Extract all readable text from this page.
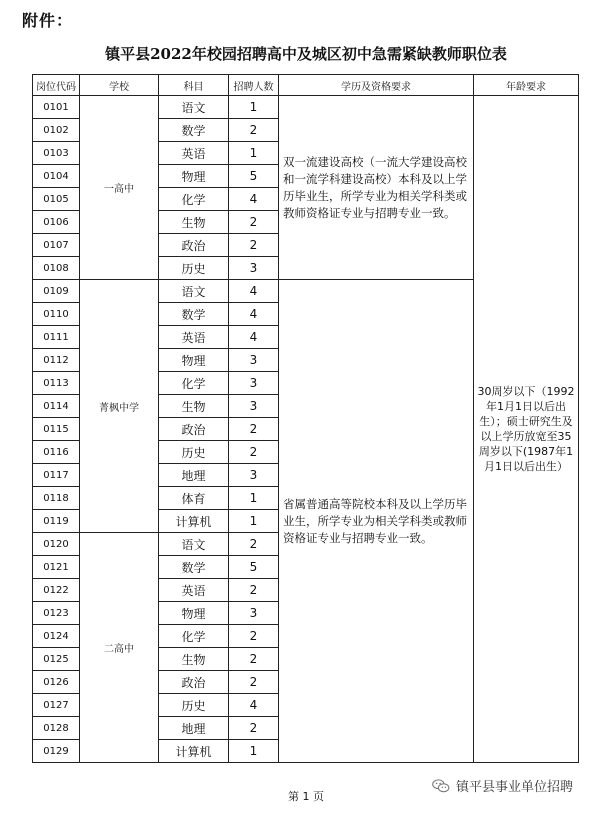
附件：
镇平县2022年校园招聘高中及城区初中急需紧缺教师职位表
岗位代码	学校	科目	招聘人数	学历及资格要求	年龄要求
0101	一高中	语文	1	双一流建设高校（一流大学建设高校和一流学科建设高校）本科及以上学历毕业生，所学专业为相关学科类或教师资格证专业与招聘专业一致。	30周岁以下（1992年1月1日以后出生）；硕士研究生及以上学历放宽至35周岁以下(1987年1月1日以后出生）
0102		数学	2		
0103		英语	1		
0104		物理	5		
0105		化学	4		
0106		生物	2		
0107		政治	2		
0108		历史	3		
0109	菁枫中学	语文	4	省属普通高等院校本科及以上学历毕业生，所学专业为相关学科类或教师资格证专业与招聘专业一致。	
0110		数学	4		
0111		英语	4		
0112		物理	3		
0113		化学	3		
0114		生物	3		
0115		政治	2		
0116		历史	2		
0117		地理	3		
0118		体育	1		
0119		计算机	1		
0120	二高中	语文	2		
0121		数学	5		
0122		英语	2		
0123		物理	3		
0124		化学	2		
0125		生物	2		
0126		政治	2		
0127		历史	4		
0128		地理	2		
0129		计算机	1		
第 1 页
镇平县事业单位招聘
